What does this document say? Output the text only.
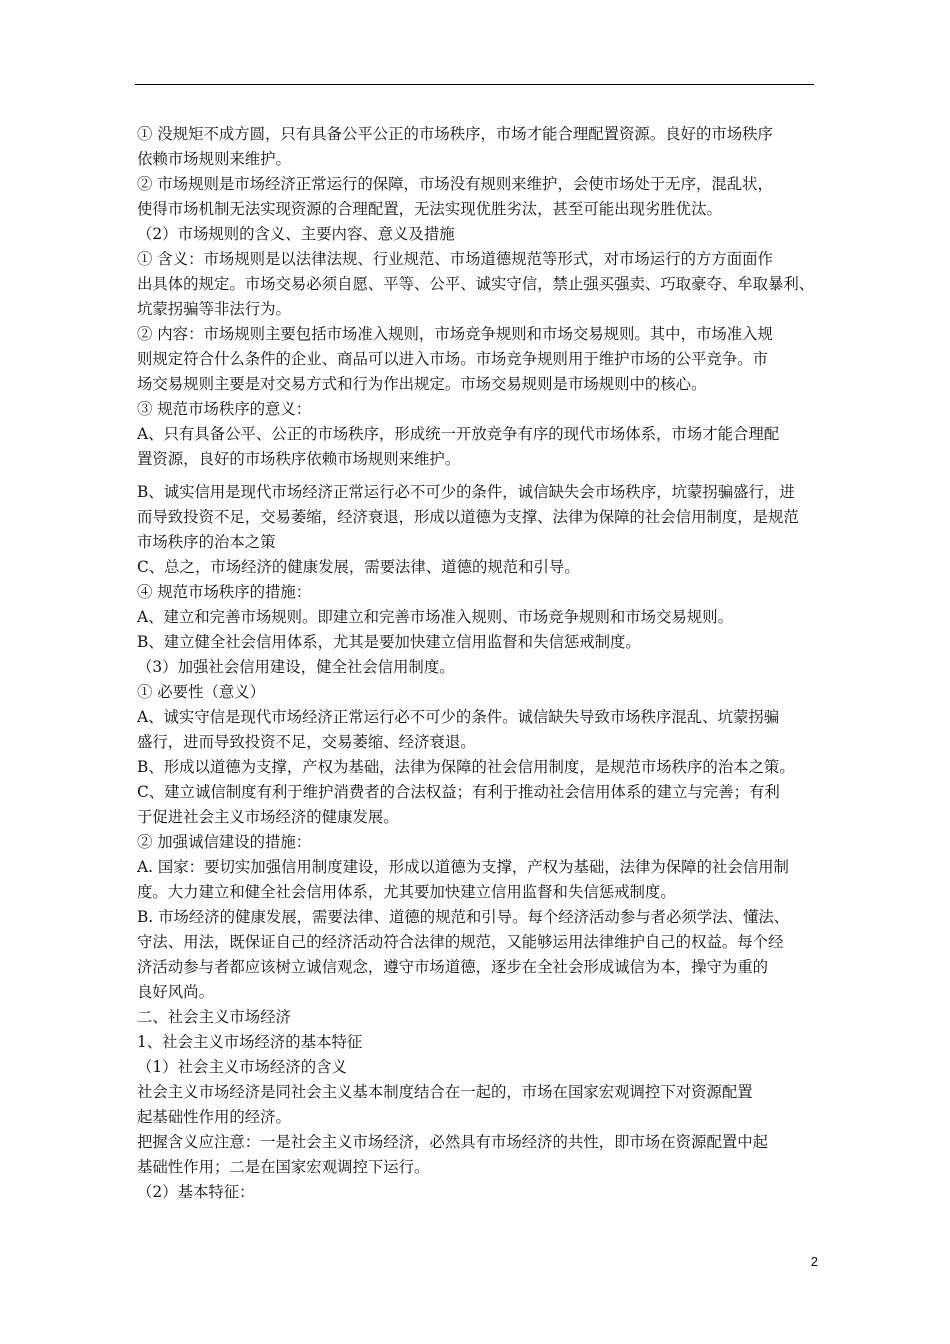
① 没规矩不成方圆，只有具备公平公正的市场秩序，市场才能合理配置资源。良好的市场秩序
依赖市场规则来维护。
② 市场规则是市场经济正常运行的保障，市场没有规则来维护，会使市场处于无序，混乱状，
使得市场机制无法实现资源的合理配置，无法实现优胜劣汰，甚至可能出现劣胜优汰。
（2）市场规则的含义、主要内容、意义及措施
① 含义：市场规则是以法律法规、行业规范、市场道德规范等形式，对市场运行的方方面面作
出具体的规定。市场交易必须自愿、平等、公平、诚实守信，禁止强买强卖、巧取豪夺、牟取暴利、
坑蒙拐骗等非法行为。
② 内容：市场规则主要包括市场准入规则，市场竞争规则和市场交易规则。其中，市场准入规
则规定符合什么条件的企业、商品可以进入市场。市场竞争规则用于维护市场的公平竞争。市
场交易规则主要是对交易方式和行为作出规定。市场交易规则是市场规则中的核心。
③ 规范市场秩序的意义：
A、只有具备公平、公正的市场秩序，形成统一开放竞争有序的现代市场体系，市场才能合理配
置资源，良好的市场秩序依赖市场规则来维护。
B、诚实信用是现代市场经济正常运行必不可少的条件，诚信缺失会市场秩序，坑蒙拐骗盛行，进
而导致投资不足，交易萎缩，经济衰退，形成以道德为支撑、法律为保障的社会信用制度，是规范
市场秩序的治本之策
C、总之，市场经济的健康发展，需要法律、道德的规范和引导。
④ 规范市场秩序的措施：
A、建立和完善市场规则。即建立和完善市场准入规则、市场竞争规则和市场交易规则。
B、建立健全社会信用体系，尤其是要加快建立信用监督和失信惩戒制度。
（3）加强社会信用建设，健全社会信用制度。
① 必要性（意义）
A、诚实守信是现代市场经济正常运行必不可少的条件。诚信缺失导致市场秩序混乱、坑蒙拐骗
盛行，进而导致投资不足，交易萎缩、经济衰退。
B、形成以道德为支撑，产权为基础，法律为保障的社会信用制度，是规范市场秩序的治本之策。
C、建立诚信制度有利于维护消费者的合法权益；有利于推动社会信用体系的建立与完善；有利
于促进社会主义市场经济的健康发展。
② 加强诚信建设的措施：
A. 国家：要切实加强信用制度建设，形成以道德为支撑，产权为基础，法律为保障的社会信用制
度。大力建立和健全社会信用体系，尤其要加快建立信用监督和失信惩戒制度。
B. 市场经济的健康发展，需要法律、道德的规范和引导。每个经济活动参与者必须学法、懂法、
守法、用法，既保证自己的经济活动符合法律的规范，又能够运用法律维护自己的权益。每个经
济活动参与者都应该树立诚信观念，遵守市场道德，逐步在全社会形成诚信为本，操守为重的
良好风尚。
二、社会主义市场经济
1、社会主义市场经济的基本特征
（1）社会主义市场经济的含义
社会主义市场经济是同社会主义基本制度结合在一起的，市场在国家宏观调控下对资源配置
起基础性作用的经济。
把握含义应注意：一是社会主义市场经济，必然具有市场经济的共性，即市场在资源配置中起
基础性作用；二是在国家宏观调控下运行。
（2）基本特征：
2
